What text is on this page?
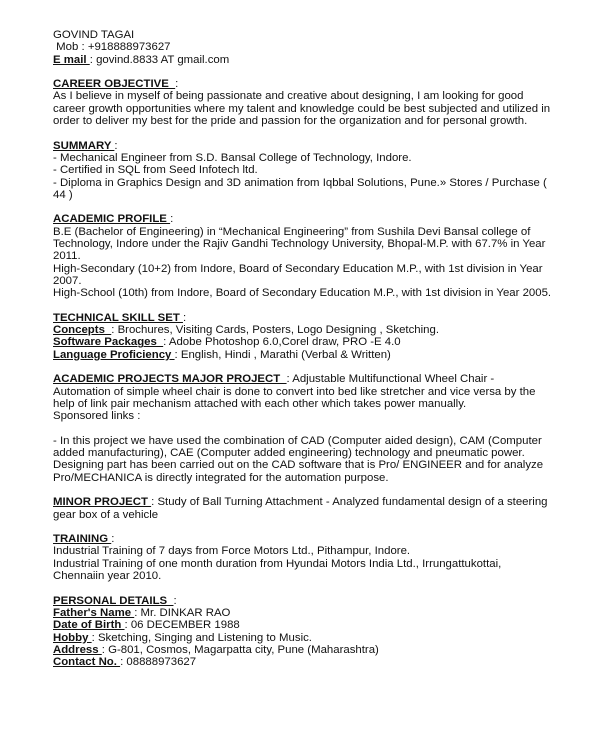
GOVIND TAGAI
Mob : +918888973627
E mail : govind.8833 AT gmail.com
CAREER OBJECTIVE  :
As I believe in myself of being passionate and creative about designing, I am looking for good
career growth opportunities where my talent and knowledge could be best subjected and utilized in
order to deliver my best for the pride and passion for the organization and for personal growth.
SUMMARY :
- Mechanical Engineer from S.D. Bansal College of Technology, Indore.
- Certified in SQL from Seed Infotech ltd.
- Diploma in Graphics Design and 3D animation from Iqbbal Solutions, Pune.» Stores / Purchase (
44 )
ACADEMIC PROFILE :
B.E (Bachelor of Engineering) in “Mechanical Engineering” from Sushila Devi Bansal college of
Technology, Indore under the Rajiv Gandhi Technology University, Bhopal-M.P. with 67.7% in Year
2011.
High-Secondary (10+2) from Indore, Board of Secondary Education M.P., with 1st division in Year
2007.
High-School (10th) from Indore, Board of Secondary Education M.P., with 1st division in Year 2005.
TECHNICAL SKILL SET :
Concepts  : Brochures, Visiting Cards, Posters, Logo Designing , Sketching.
Software Packages  : Adobe Photoshop 6.0,Corel draw, PRO -E 4.0
Language Proficiency : English, Hindi , Marathi (Verbal & Written)
ACADEMIC PROJECTS MAJOR PROJECT  : Adjustable Multifunctional Wheel Chair -
Automation of simple wheel chair is done to convert into bed like stretcher and vice versa by the
help of link pair mechanism attached with each other which takes power manually.
Sponsored links :
- In this project we have used the combination of CAD (Computer aided design), CAM (Computer
added manufacturing), CAE (Computer added engineering) technology and pneumatic power.
Designing part has been carried out on the CAD software that is Pro/ ENGINEER and for analyze
Pro/MECHANICA is directly integrated for the automation purpose.
MINOR PROJECT : Study of Ball Turning Attachment - Analyzed fundamental design of a steering
gear box of a vehicle
TRAINING :
Industrial Training of 7 days from Force Motors Ltd., Pithampur, Indore.
Industrial Training of one month duration from Hyundai Motors India Ltd., Irrungattukottai,
Chennaiin year 2010.
PERSONAL DETAILS  :
Father's Name : Mr. DINKAR RAO
Date of Birth : 06 DECEMBER 1988
Hobby : Sketching, Singing and Listening to Music.
Address : G-801, Cosmos, Magarpatta city, Pune (Maharashtra)
Contact No. : 08888973627
